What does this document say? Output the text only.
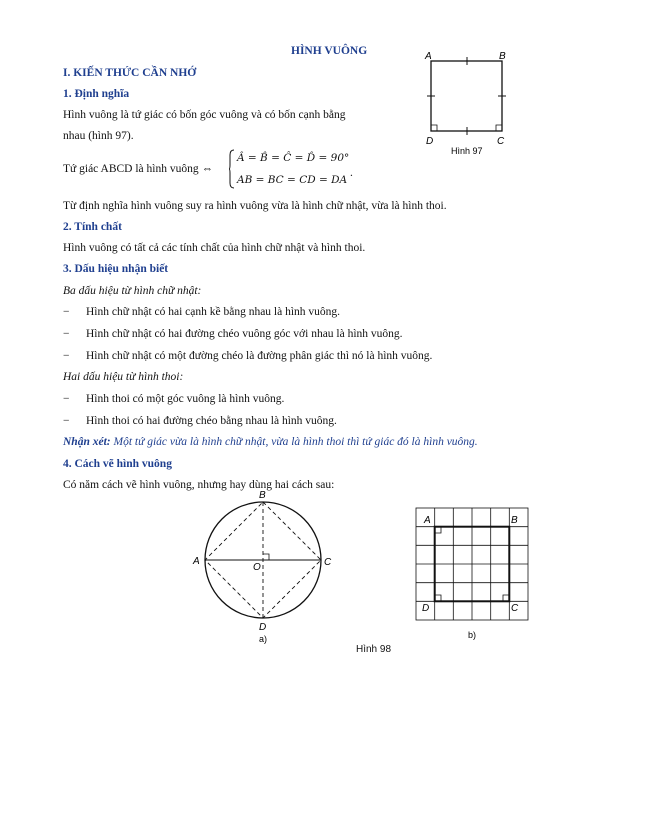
HÌNH VUÔNG
I. KIẾN THỨC CẦN NHỚ
1. Định nghĩa
Hình vuông là tứ giác có bốn góc vuông và có bốn cạnh bằng
nhau (hình 97).
Tứ giác ABCD là hình vuông ⇔
Â = B̂ = Ĉ = D̂ = 90°
AB = BC = CD = DA
.
Từ định nghĩa hình vuông suy ra hình vuông vừa là hình chữ nhật, vừa là hình thoi.
A	B
C
D
Hình 97
2. Tính chất
Hình vuông có tất cả các tính chất của hình chữ nhật và hình thoi.
3. Dấu hiệu nhận biết
Ba dấu hiệu từ hình chữ nhật:
− Hình chữ nhật có hai cạnh kề bằng nhau là hình vuông.
− Hình chữ nhật có hai đường chéo vuông góc với nhau là hình vuông.
− Hình chữ nhật có một đường chéo là đường phân giác thì nó là hình vuông.
Hai dấu hiệu từ hình thoi:
− Hình thoi có một góc vuông là hình vuông.
− Hình thoi có hai đường chéo bằng nhau là hình vuông.
Nhận xét: Một tứ giác vừa là hình chữ nhật, vừa là hình thoi thì tứ giác đó là hình vuông.
4. Cách vẽ hình vuông
Có năm cách vẽ hình vuông, nhưng hay dùng hai cách sau:
B
A	C
O
D
a)
A	B
D	C
b)
Hình 98
